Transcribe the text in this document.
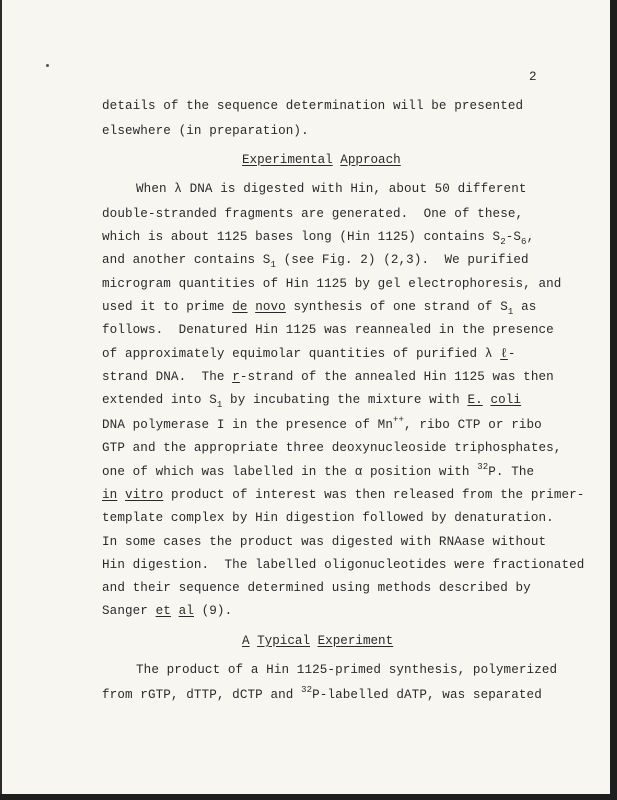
2
details of the sequence determination will be presented
elsewhere (in preparation).
Experimental Approach
When λ DNA is digested with Hin, about 50 different
double-stranded fragments are generated.  One of these,
which is about 1125 bases long (Hin 1125) contains $S_2-S_6$,
and another contains $S_1$ (see Fig. 2) (2,3).  We purified
microgram quantities of Hin 1125 by gel electrophoresis, and
used it to prime de novo synthesis of one strand of $S_1$ as
follows.  Denatured Hin 1125 was reannealed in the presence
of approximately equimolar quantities of purified λ ℓ-
strand DNA.  The r-strand of the annealed Hin 1125 was then
extended into $S_1$ by incubating the mixture with E. coli
DNA polymerase I in the presence of Mn++, ribo CTP or ribo
GTP and the appropriate three deoxynucleoside triphosphates,
one of which was labelled in the α position with $^{32}$P. The
in vitro product of interest was then released from the primer-
template complex by Hin digestion followed by denaturation.
In some cases the product was digested with RNAase without
Hin digestion.  The labelled oligonucleotides were fractionated
and their sequence determined using methods described by
Sanger et al (9).
A Typical Experiment
The product of a Hin 1125-primed synthesis, polymerized
from rGTP, dTTP, dCTP and $^{32}$P-labelled dATP, was separated
